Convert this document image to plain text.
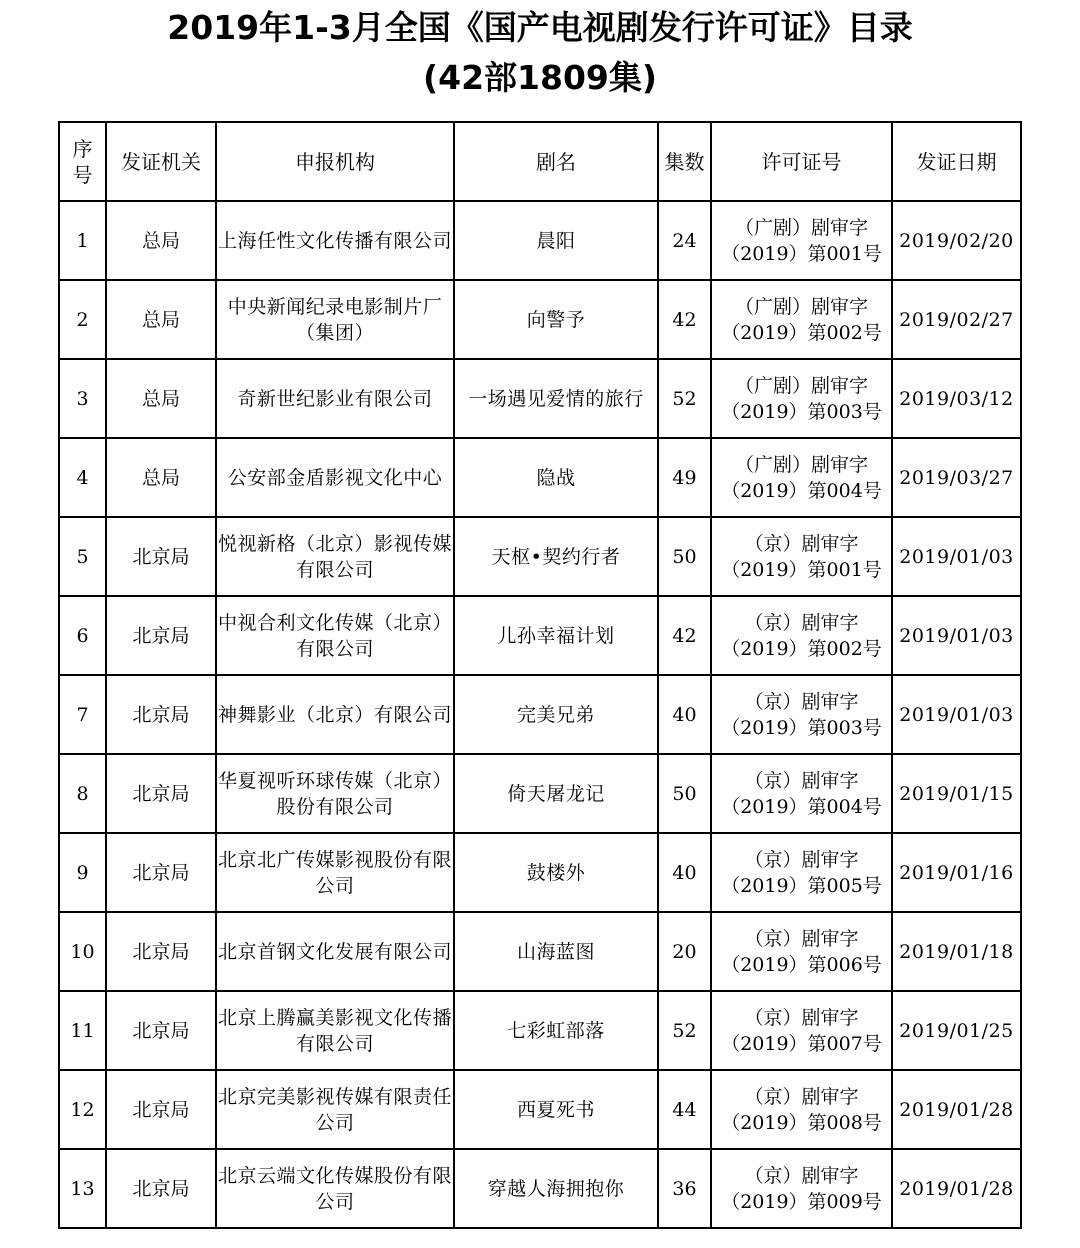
2019年1-3月全国《国产电视剧发行许可证》目录
(42部1809集)
序号	发证机关	申报机构	剧名	集数	许可证号	发证日期
1	总局	上海任性文化传播有限公司	晨阳	24	（广剧）剧审字
（2019）第001号	2019/02/20
2	总局	中央新闻纪录电影制片厂（集团）	向警予	42	（广剧）剧审字
（2019）第002号	2019/02/27
3	总局	奇新世纪影业有限公司	一场遇见爱情的旅行	52	（广剧）剧审字
（2019）第003号	2019/03/12
4	总局	公安部金盾影视文化中心	隐战	49	（广剧）剧审字
（2019）第004号	2019/03/27
5	北京局	悦视新格（北京）影视传媒有限公司	天枢•契约行者	50	（京）剧审字
（2019）第001号	2019/01/03
6	北京局	中视合利文化传媒（北京）有限公司	儿孙幸福计划	42	（京）剧审字
（2019）第002号	2019/01/03
7	北京局	神舞影业（北京）有限公司	完美兄弟	40	（京）剧审字
（2019）第003号	2019/01/03
8	北京局	华夏视听环球传媒（北京）股份有限公司	倚天屠龙记	50	（京）剧审字
（2019）第004号	2019/01/15
9	北京局	北京北广传媒影视股份有限公司	鼓楼外	40	（京）剧审字
（2019）第005号	2019/01/16
10	北京局	北京首钢文化发展有限公司	山海蓝图	20	（京）剧审字
（2019）第006号	2019/01/18
11	北京局	北京上腾赢美影视文化传播有限公司	七彩虹部落	52	（京）剧审字
（2019）第007号	2019/01/25
12	北京局	北京完美影视传媒有限责任公司	西夏死书	44	（京）剧审字
（2019）第008号	2019/01/28
13	北京局	北京云端文化传媒股份有限公司	穿越人海拥抱你	36	（京）剧审字
（2019）第009号	2019/01/28
